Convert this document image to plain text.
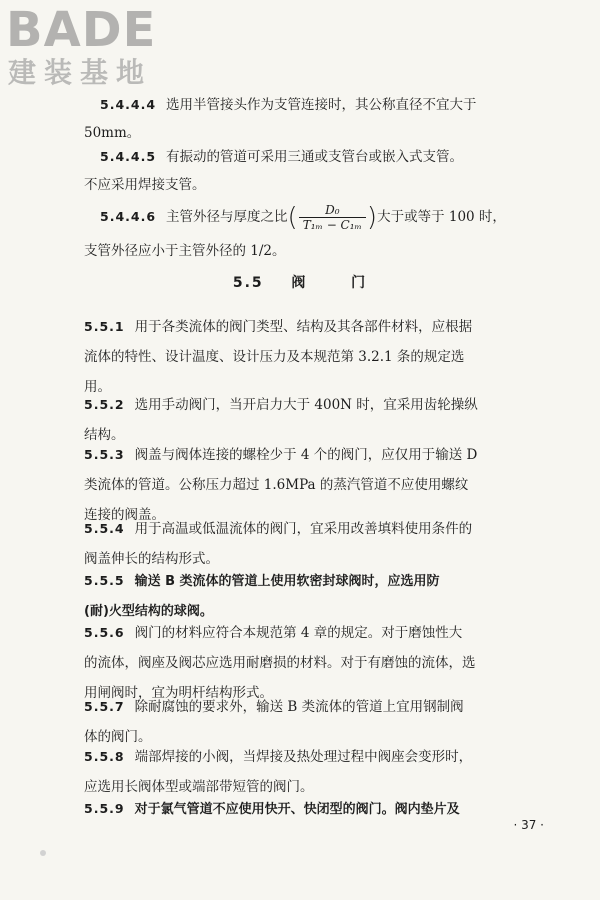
BADE
建装基地
5.4.4.4 选用半管接头作为支管连接时，其公称直径不宜大于
50mm。
5.4.4.5 有振动的管道可采用三通或支管台或嵌入式支管。
不应采用焊接支管。
5.4.4.6 主管外径与厚度之比( $\frac{\text{D₀}}{\text{T₁ₘ − C₁ₘ}}$ )大于或等于 100 时，
支管外径应小于主管外径的 1/2。
5.5 阀	门
5.5.1 用于各类流体的阀门类型、结构及其各部件材料，应根据
流体的特性、设计温度、设计压力及本规范第 3.2.1 条的规定选
用。
5.5.2 选用手动阀门，当开启力大于 400N 时，宜采用齿轮操纵
结构。
5.5.3 阀盖与阀体连接的螺栓少于 4 个的阀门，应仅用于输送 D
类流体的管道。公称压力超过 1.6MPa 的蒸汽管道不应使用螺纹
连接的阀盖。
5.5.4 用于高温或低温流体的阀门，宜采用改善填料使用条件的
阀盖伸长的结构形式。
5.5.5 输送 B 类流体的管道上使用软密封球阀时，应选用防
(耐)火型结构的球阀。
5.5.6 阀门的材料应符合本规范第 4 章的规定。对于磨蚀性大
的流体，阀座及阀芯应选用耐磨损的材料。对于有磨蚀的流体，选
用闸阀时，宜为明杆结构形式。
5.5.7 除耐腐蚀的要求外，输送 B 类流体的管道上宜用钢制阀
体的阀门。
5.5.8 端部焊接的小阀，当焊接及热处理过程中阀座会变形时，
应选用长阀体型或端部带短管的阀门。
5.5.9 对于氯气管道不应使用快开、快闭型的阀门。阀内垫片及
· 37 ·
